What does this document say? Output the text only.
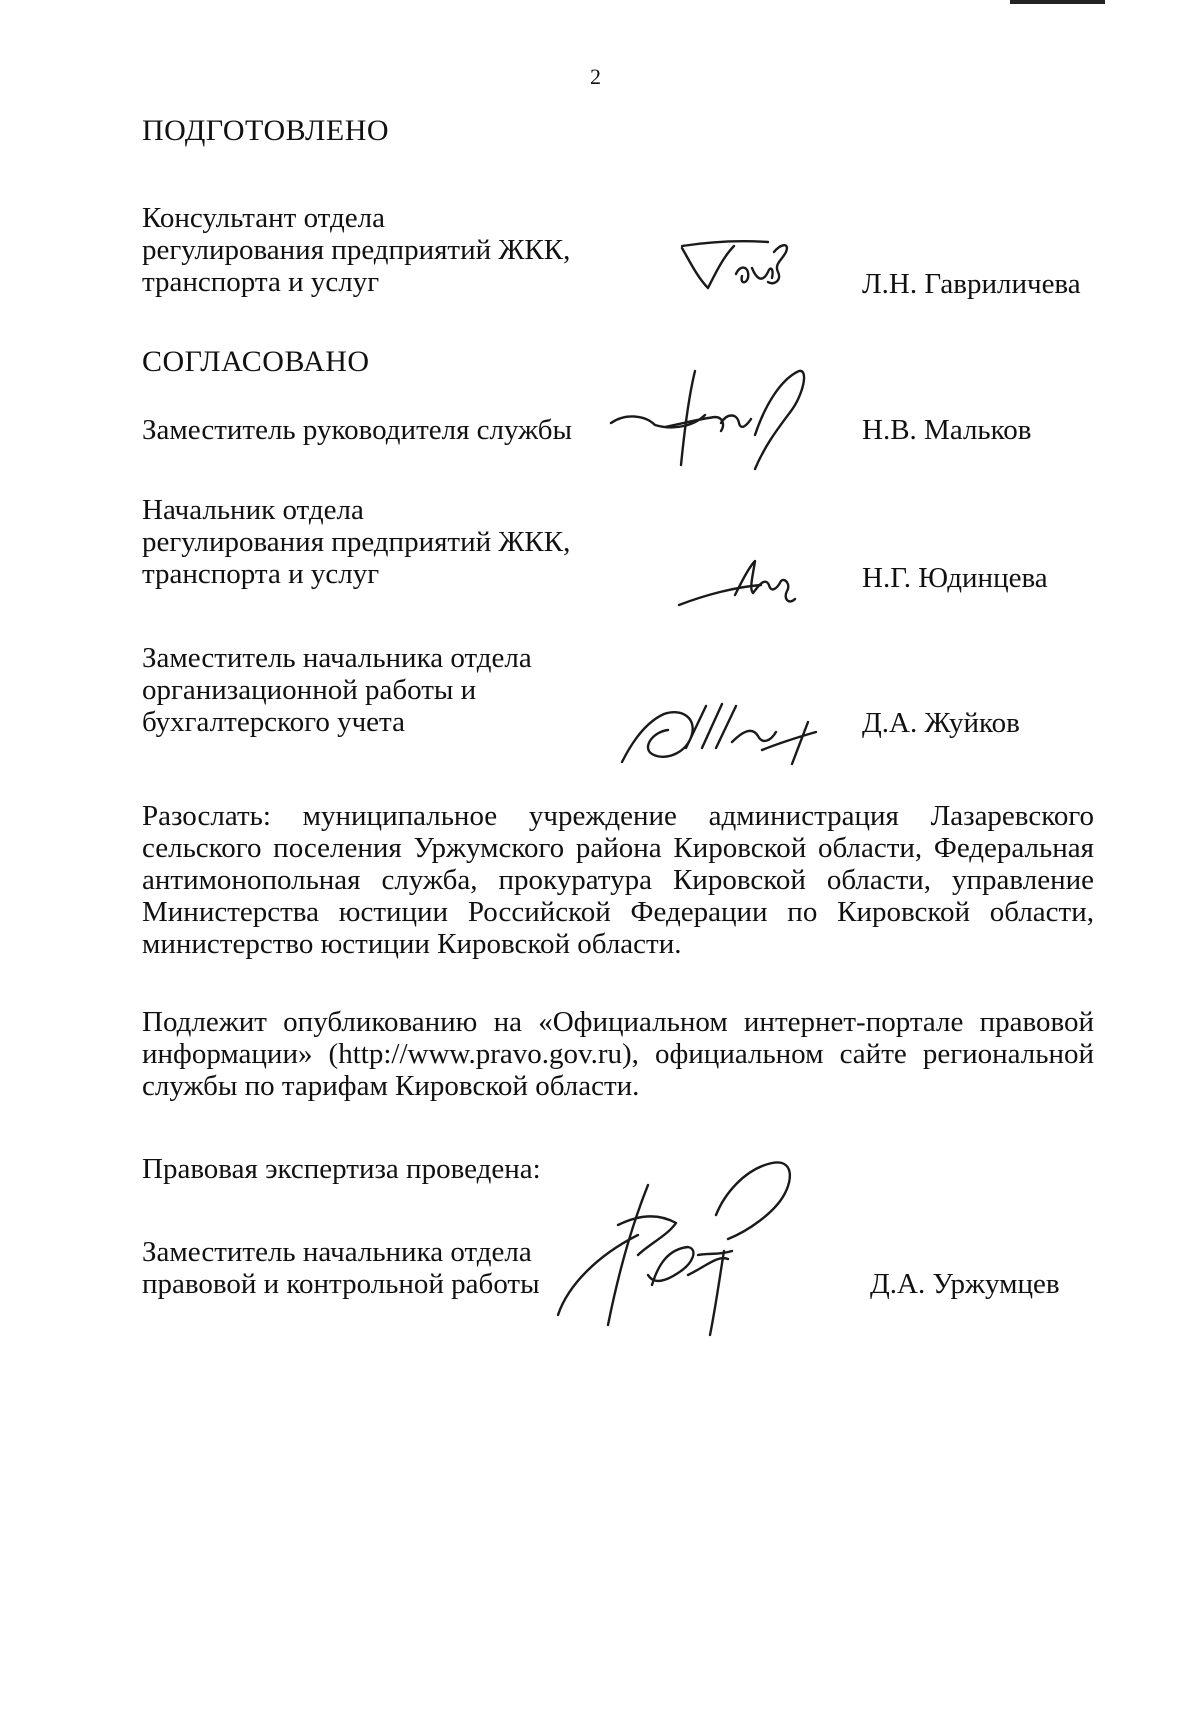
2
ПОДГОТОВЛЕНО
Консультант отдела
регулирования предприятий ЖКК,
транспорта и услуг	Л.Н. Гавриличева
СОГЛАСОВАНО
Заместитель руководителя службы	Н.В. Мальков
Начальник отдела
регулирования предприятий ЖКК,
транспорта и услуг	Н.Г. Юдинцева
Заместитель начальника отдела
организационной работы и
бухгалтерского учета	Д.А. Жуйков
Разослать: муниципальное учреждение администрация Лазаревского сельского поселения Уржумского района Кировской области, Федеральная антимонопольная служба, прокуратура Кировской области, управление Министерства юстиции Российской Федерации по Кировской области, министерство юстиции Кировской области.
Подлежит опубликованию на «Официальном интернет-портале правовой информации» (http://www.pravo.gov.ru), официальном сайте региональной службы по тарифам Кировской области.
Правовая экспертиза проведена:
Заместитель начальника отдела
правовой и контрольной работы	Д.А. Уржумцев
